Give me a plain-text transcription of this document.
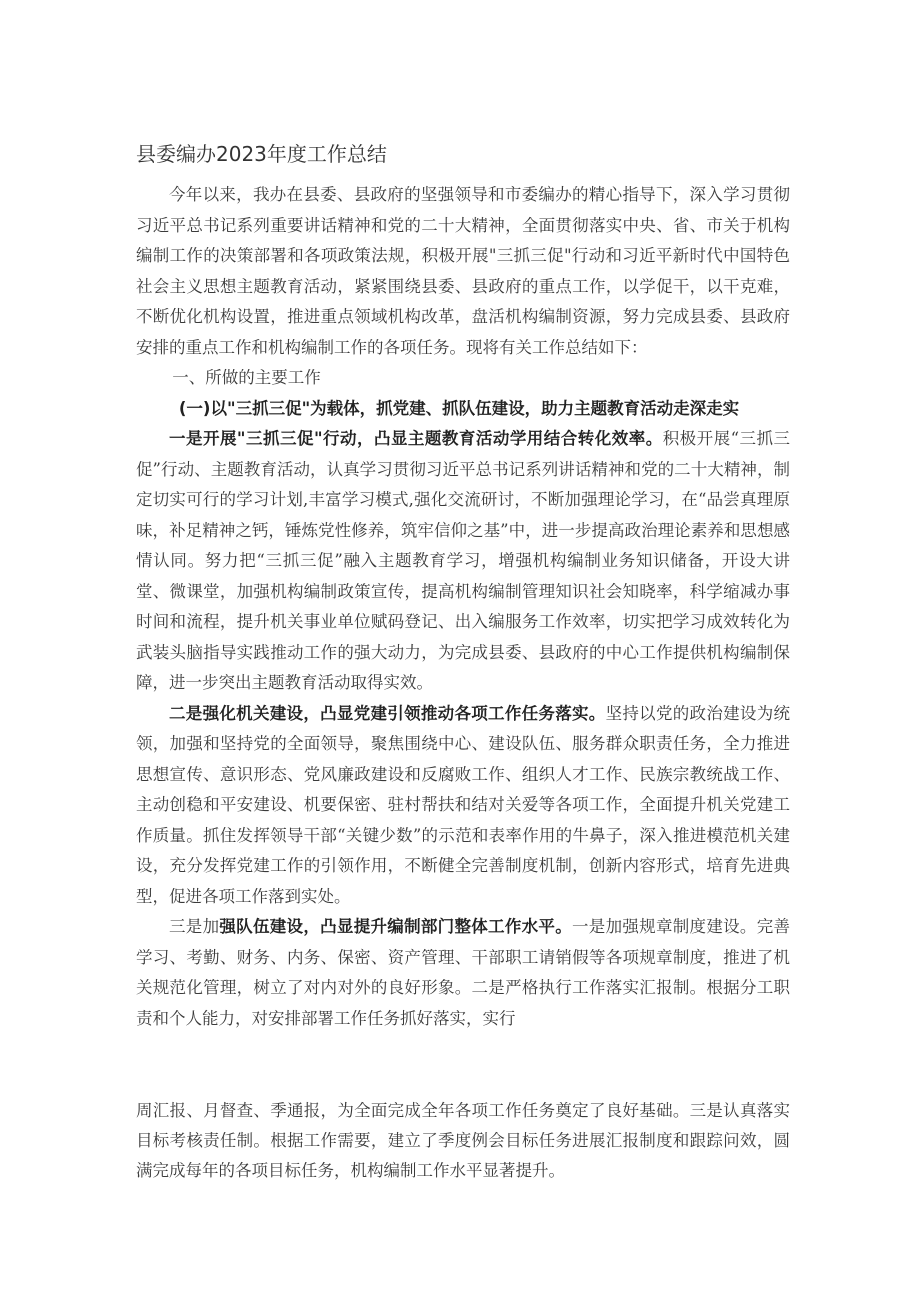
县委编办2023年度工作总结

今年以来，我办在县委、县政府的坚强领导和市委编办的精心指导下，深入学习贯彻习近平总书记系列重要讲话精神和党的二十大精神，全面贯彻落实中央、省、市关于机构编制工作的决策部署和各项政策法规，积极开展"三抓三促"行动和习近平新时代中国特色社会主义思想主题教育活动，紧紧围绕县委、县政府的重点工作，以学促干，以干克难，不断优化机构设置，推进重点领域机构改革，盘活机构编制资源，努力完成县委、县政府安排的重点工作和机构编制工作的各项任务。现将有关工作总结如下：

一、所做的主要工作

(一)以"三抓三促"为载体，抓党建、抓队伍建设，助力主题教育活动走深走实

一是开展"三抓三促"行动，凸显主题教育活动学用结合转化效率。积极开展“三抓三促”行动、主题教育活动，认真学习贯彻习近平总书记系列讲话精神和党的二十大精神，制定切实可行的学习计划,丰富学习模式,强化交流研讨，不断加强理论学习，在“品尝真理原味，补足精神之钙，锤炼党性修养，筑牢信仰之基”中，进一步提高政治理论素养和思想感情认同。努力把“三抓三促”融入主题教育学习，增强机构编制业务知识储备，开设大讲堂、微课堂，加强机构编制政策宣传，提高机构编制管理知识社会知晓率，科学缩减办事时间和流程，提升机关事业单位赋码登记、出入编服务工作效率，切实把学习成效转化为武装头脑指导实践推动工作的强大动力，为完成县委、县政府的中心工作提供机构编制保障，进一步突出主题教育活动取得实效。

二是强化机关建设，凸显党建引领推动各项工作任务落实。坚持以党的政治建设为统领，加强和坚持党的全面领导，聚焦围绕中心、建设队伍、服务群众职责任务，全力推进思想宣传、意识形态、党风廉政建设和反腐败工作、组织人才工作、民族宗教统战工作、主动创稳和平安建设、机要保密、驻村帮扶和结对关爱等各项工作，全面提升机关党建工作质量。抓住发挥领导干部“关键少数”的示范和表率作用的牛鼻子，深入推进模范机关建设，充分发挥党建工作的引领作用，不断健全完善制度机制，创新内容形式，培育先进典型，促进各项工作落到实处。

三是加强队伍建设，凸显提升编制部门整体工作水平。一是加强规章制度建设。完善学习、考勤、财务、内务、保密、资产管理、干部职工请销假等各项规章制度，推进了机关规范化管理，树立了对内对外的良好形象。二是严格执行工作落实汇报制。根据分工职责和个人能力，对安排部署工作任务抓好落实，实行

周汇报、月督查、季通报，为全面完成全年各项工作任务奠定了良好基础。三是认真落实目标考核责任制。根据工作需要，建立了季度例会目标任务进展汇报制度和跟踪问效，圆满完成每年的各项目标任务，机构编制工作水平显著提升。
